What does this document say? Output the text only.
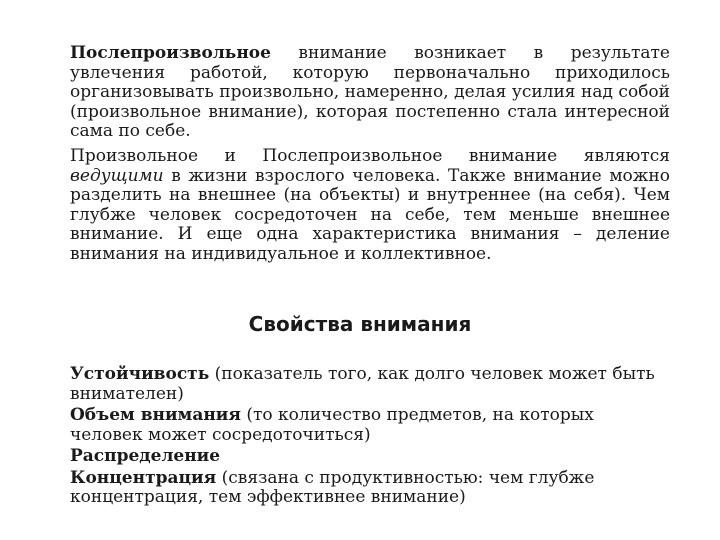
Послепроизвольное внимание возникает в результате увлечения работой, которую первоначально приходилось организовывать произвольно, намеренно, делая усилия над собой (произвольное внимание), которая постепенно стала интересной сама по себе.

Произвольное и Послепроизвольное внимание являются ведущими в жизни взрослого человека. Также внимание можно разделить на внешнее (на объекты) и внутреннее (на себя). Чем глубже человек сосредоточен на себе, тем меньше внешнее внимание. И еще одна характеристика внимания – деление внимания на индивидуальное и коллективное.

Свойства внимания
Устойчивость (показатель того, как долго человек может быть внимателен)
Объем внимания (то количество предметов, на которых человек может сосредоточиться)
Распределение
Концентрация (связана с продуктивностью: чем глубже концентрация, тем эффективнее внимание)
